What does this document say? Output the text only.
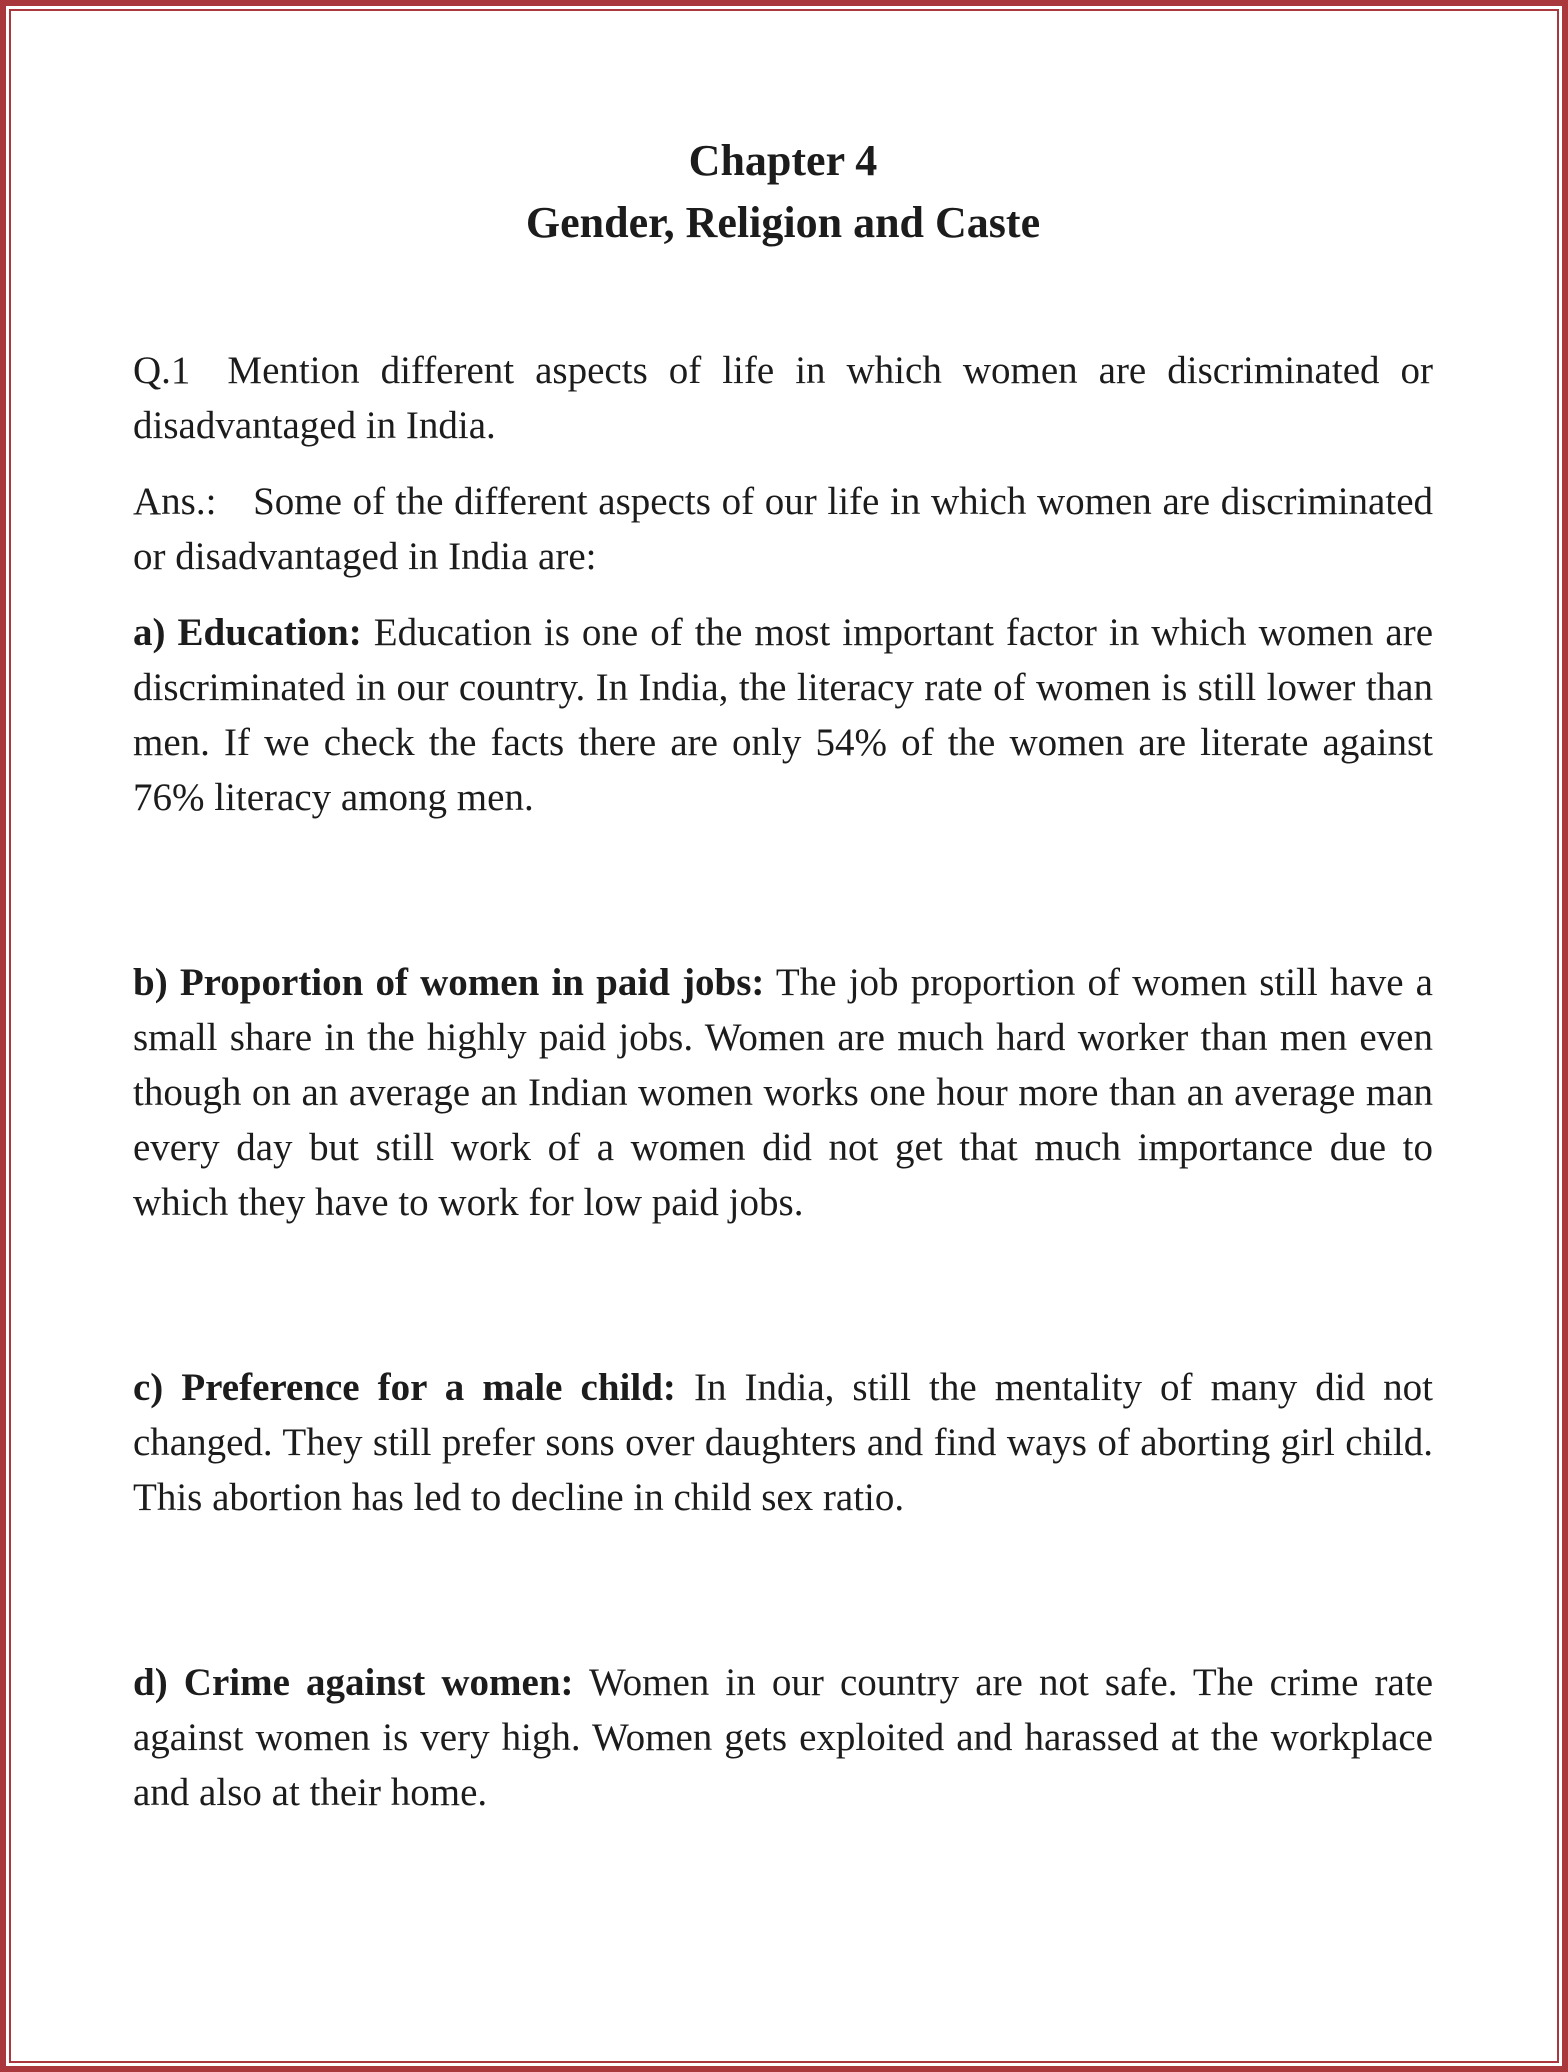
Chapter 4
Gender, Religion and Caste

Q.1 Mention different aspects of life in which women are discriminated or disadvantaged in India.

Ans.: Some of the different aspects of our life in which women are discriminated or disadvantaged in India are:

a) Education: Education is one of the most important factor in which women are discriminated in our country. In India, the literacy rate of women is still lower than men. If we check the facts there are only 54% of the women are literate against 76% literacy among men.

b) Proportion of women in paid jobs: The job proportion of women still have a small share in the highly paid jobs. Women are much hard worker than men even though on an average an Indian women works one hour more than an average man every day but still work of a women did not get that much importance due to which they have to work for low paid jobs.

c) Preference for a male child: In India, still the mentality of many did not changed. They still prefer sons over daughters and find ways of aborting girl child. This abortion has led to decline in child sex ratio.

d) Crime against women: Women in our country are not safe. The crime rate against women is very high. Women gets exploited and harassed at the workplace and also at their home.
